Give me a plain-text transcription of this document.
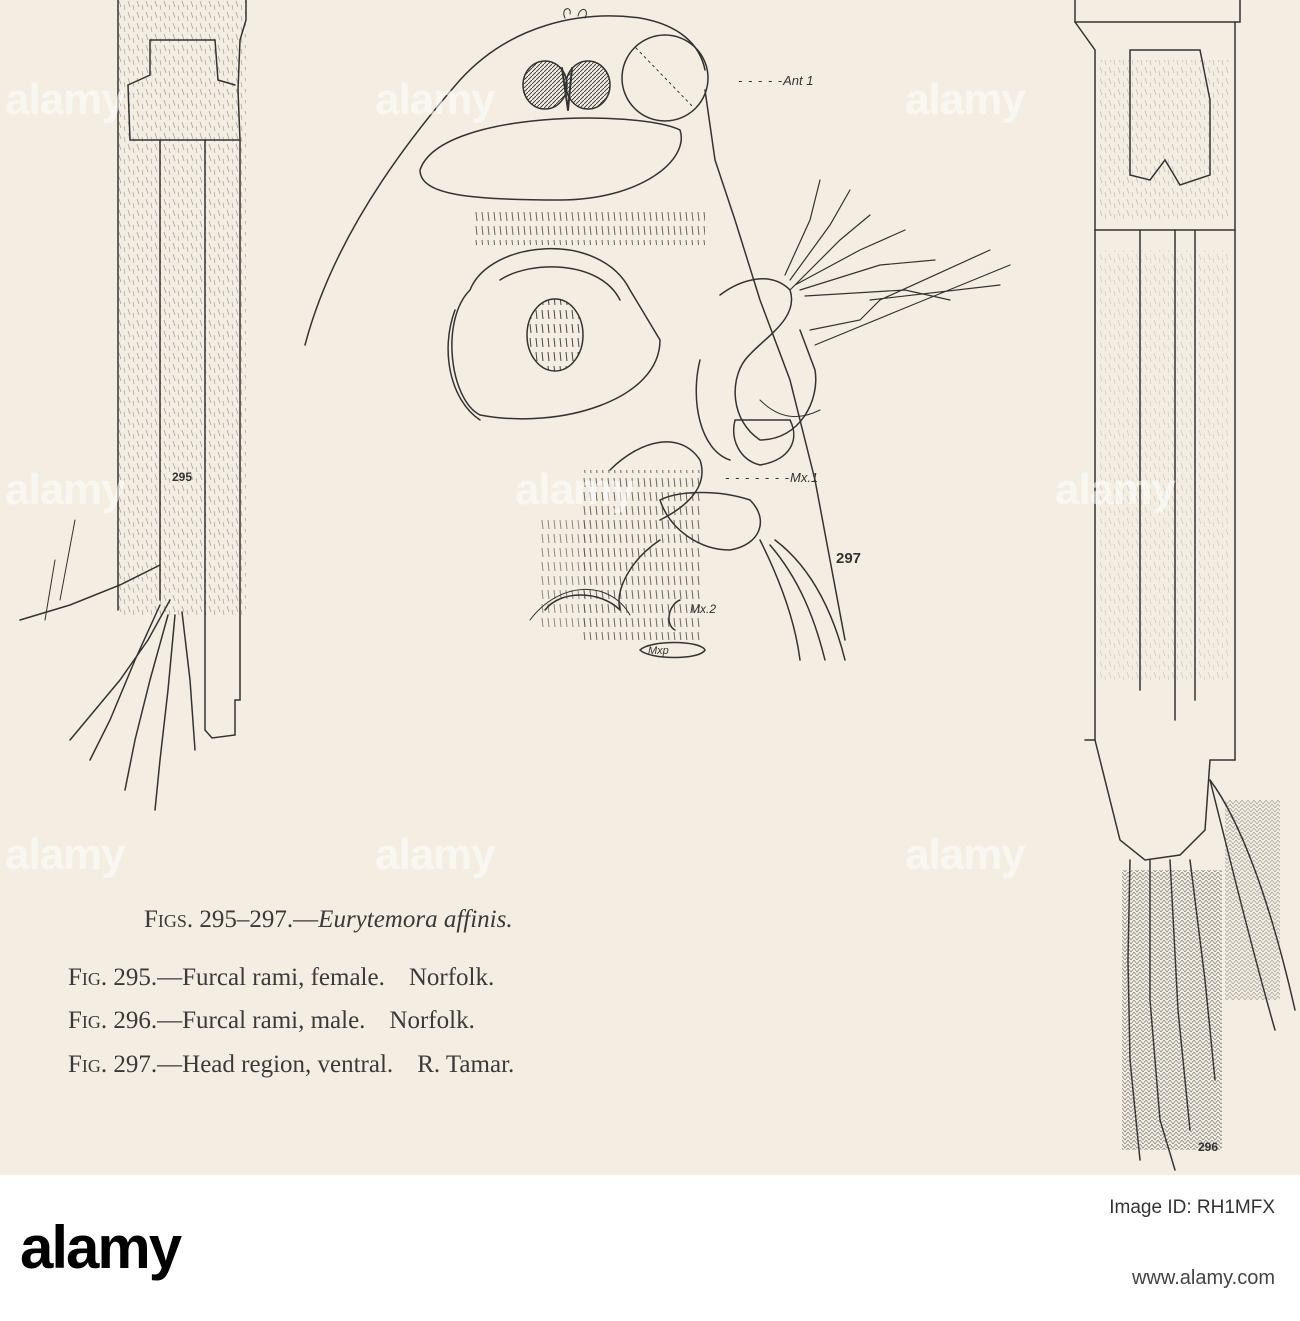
alamy	alamy	alamy
alamy	alamy	alamy
alamy	alamy	alamy
- - - - -Ant 1
- - - - - - -Mx.1
Mx.2
Mxp
295
297
296
Figs. 295–297.—Eurytemora affinis.
Fig. 295.—Furcal rami, female. Norfolk.
Fig. 296.—Furcal rami, male. Norfolk.
Fig. 297.—Head region, ventral. R. Tamar.
alamy
Image ID: RH1MFX
www.alamy.com
